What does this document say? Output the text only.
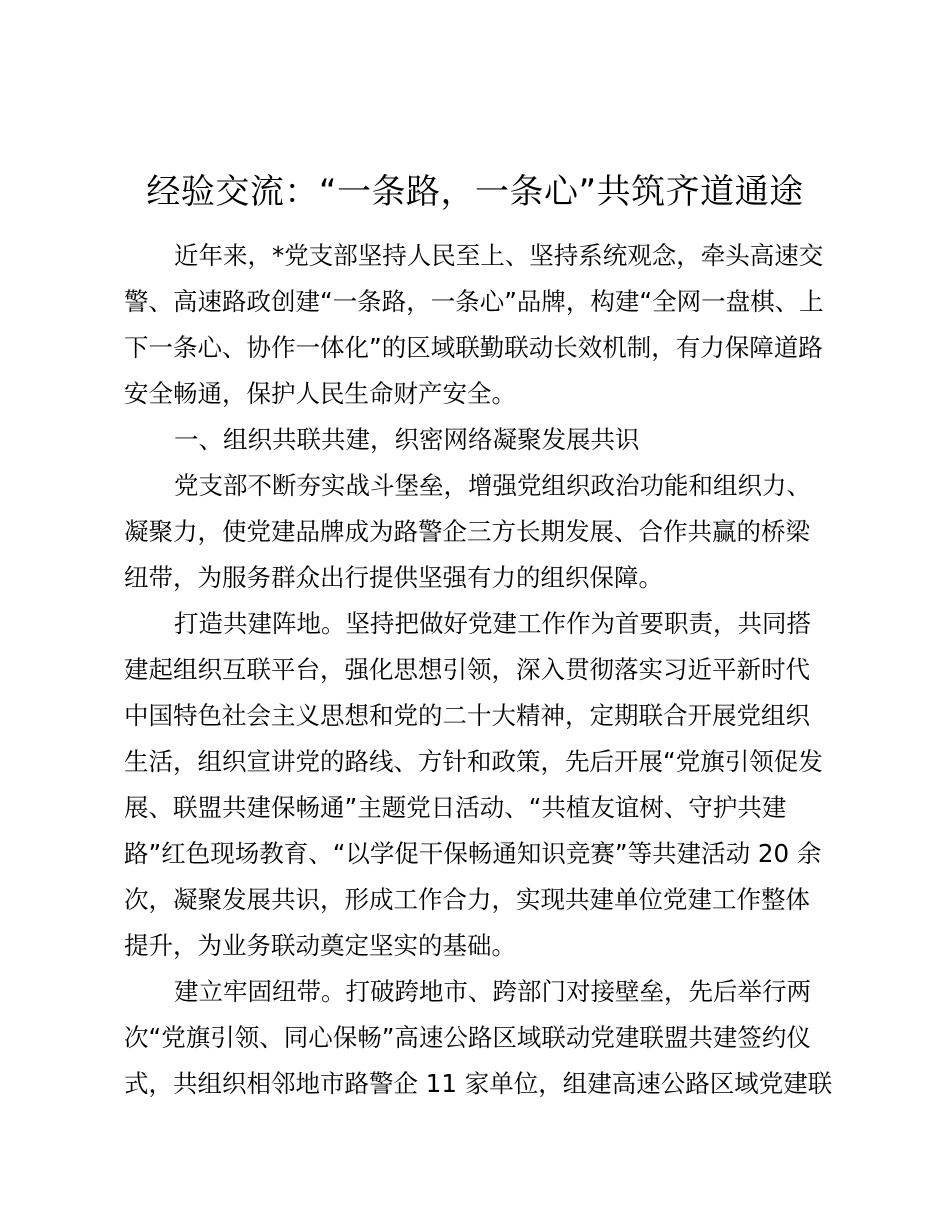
经验交流：“一条路，一条心”共筑齐道通途
近年来，*党支部坚持人民至上、坚持系统观念，牵头高速交
警、高速路政创建“一条路，一条心”品牌，构建“全网一盘棋、上
下一条心、协作一体化”的区域联勤联动长效机制，有力保障道路
安全畅通，保护人民生命财产安全。
一、组织共联共建，织密网络凝聚发展共识
党支部不断夯实战斗堡垒，增强党组织政治功能和组织力、
凝聚力，使党建品牌成为路警企三方长期发展、合作共赢的桥梁
纽带，为服务群众出行提供坚强有力的组织保障。
打造共建阵地。坚持把做好党建工作作为首要职责，共同搭
建起组织互联平台，强化思想引领，深入贯彻落实习近平新时代
中国特色社会主义思想和党的二十大精神，定期联合开展党组织
生活，组织宣讲党的路线、方针和政策，先后开展“党旗引领促发
展、联盟共建保畅通”主题党日活动、“共植友谊树、守护共建
路”红色现场教育、“以学促干保畅通知识竞赛”等共建活动 20 余
次，凝聚发展共识，形成工作合力，实现共建单位党建工作整体
提升，为业务联动奠定坚实的基础。
建立牢固纽带。打破跨地市、跨部门对接壁垒，先后举行两
次“党旗引领、同心保畅”高速公路区域联动党建联盟共建签约仪
式，共组织相邻地市路警企 11 家单位，组建高速公路区域党建联
